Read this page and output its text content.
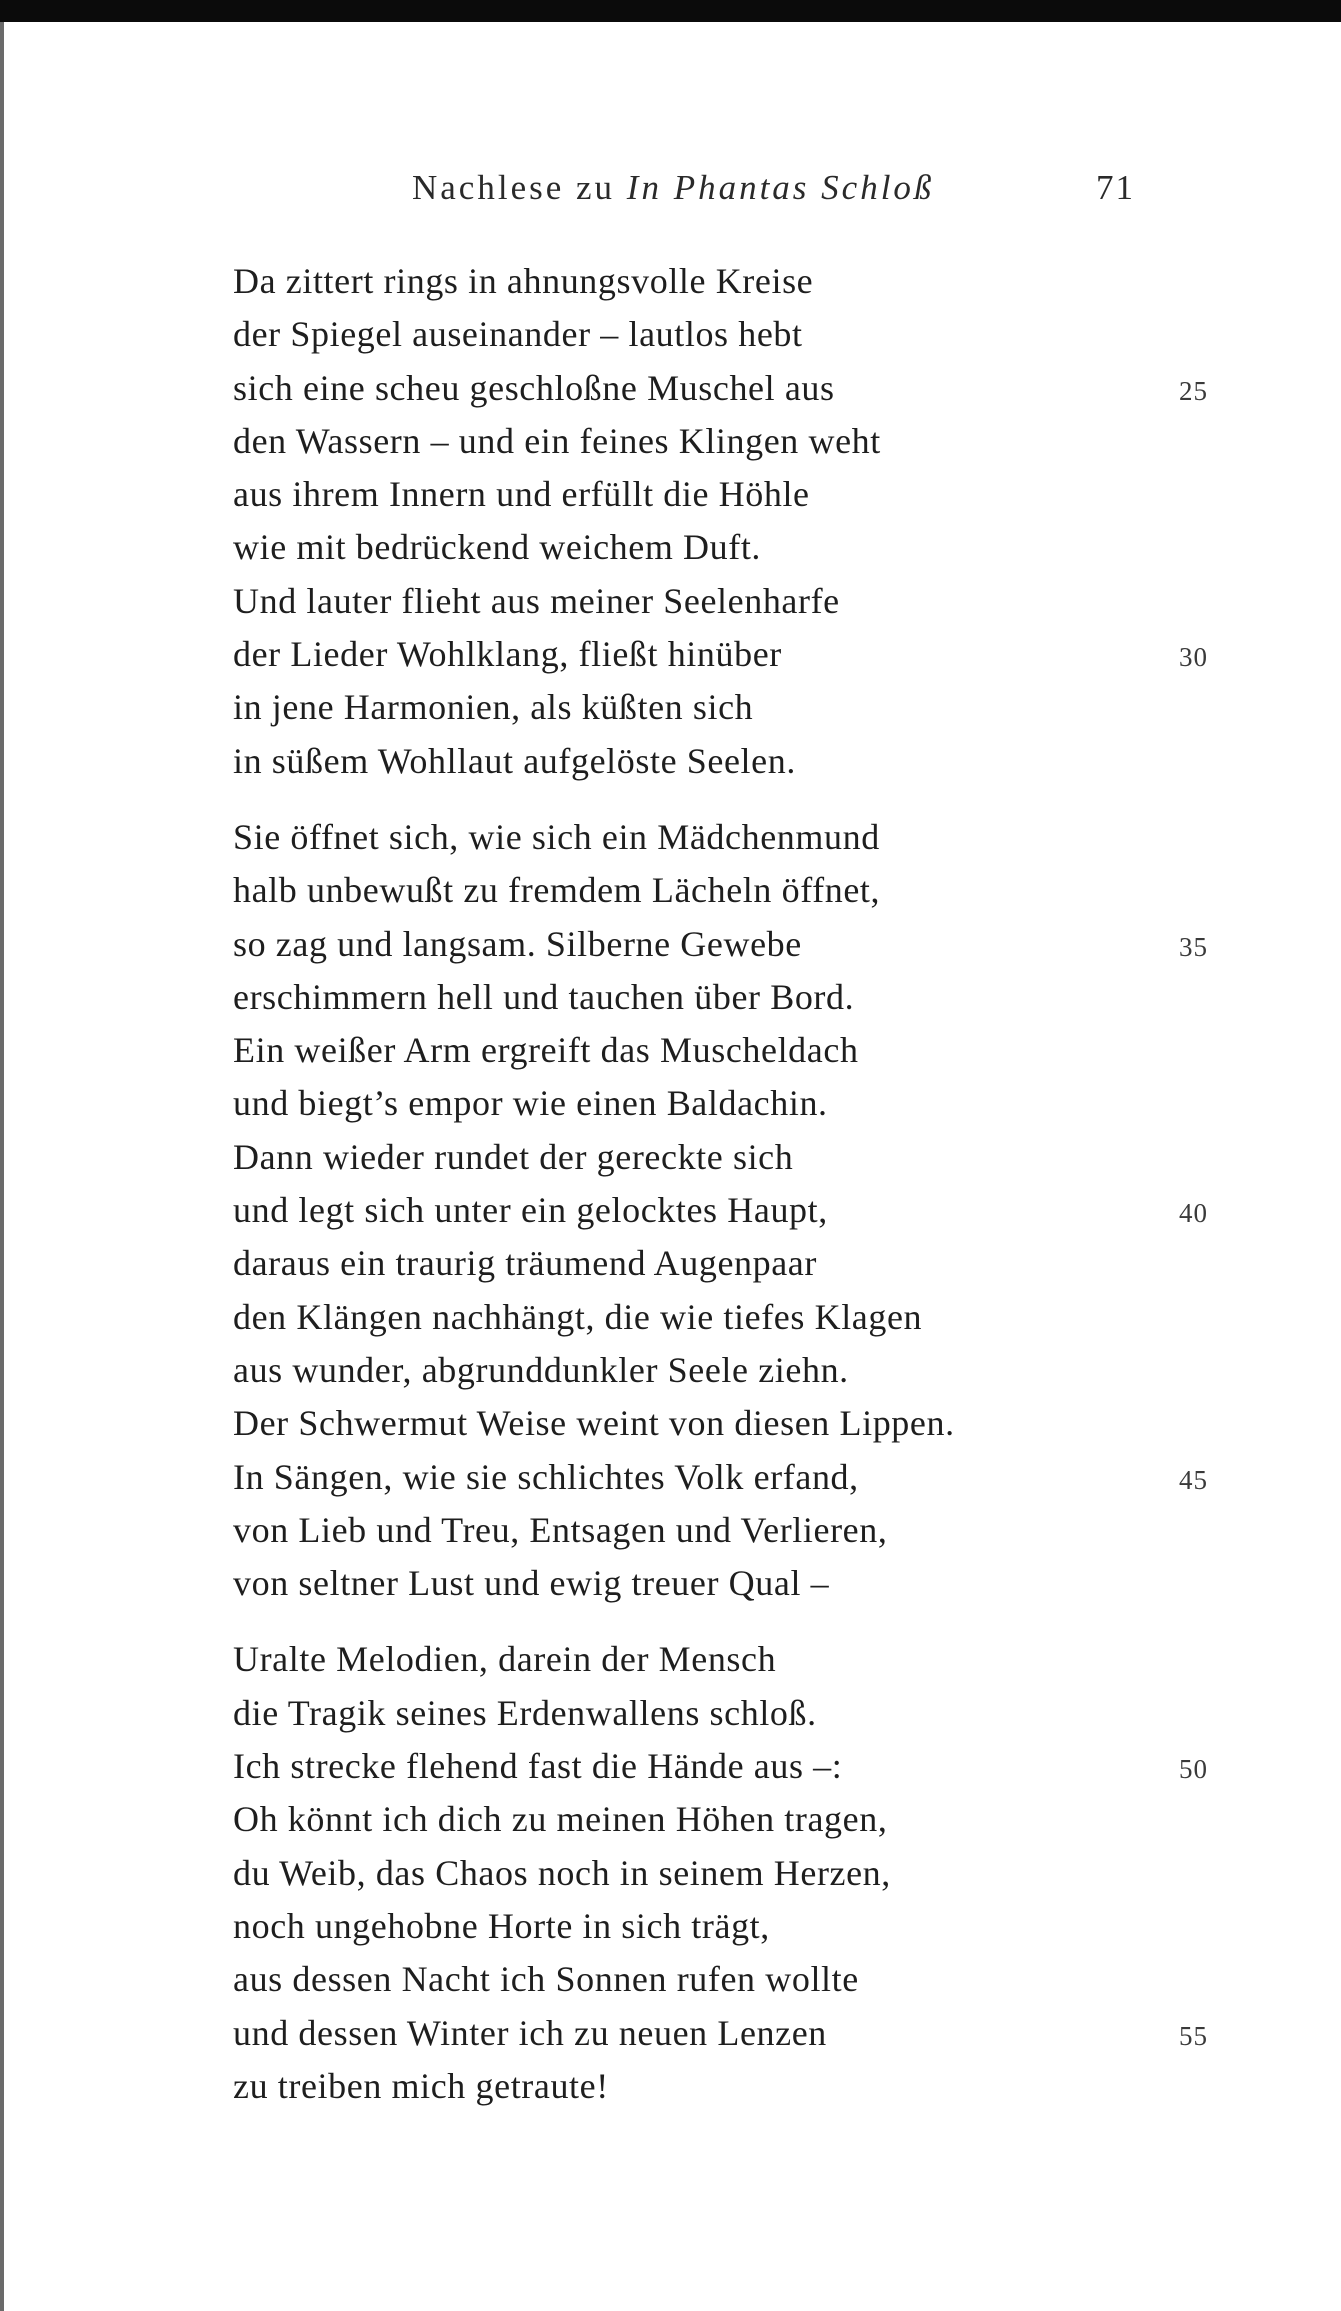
Nachlese zu In Phantas Schloß	71
Da zittert rings in ahnungsvolle Kreise
der Spiegel auseinander – lautlos hebt
sich eine scheu geschloßne Muschel aus	25
den Wassern – und ein feines Klingen weht
aus ihrem Innern und erfüllt die Höhle
wie mit bedrückend weichem Duft.
Und lauter flieht aus meiner Seelenharfe
der Lieder Wohlklang, fließt hinüber	30
in jene Harmonien, als küßten sich
in süßem Wohllaut aufgelöste Seelen.
Sie öffnet sich, wie sich ein Mädchenmund
halb unbewußt zu fremdem Lächeln öffnet,
so zag und langsam. Silberne Gewebe	35
erschimmern hell und tauchen über Bord.
Ein weißer Arm ergreift das Muscheldach
und biegt’s empor wie einen Baldachin.
Dann wieder rundet der gereckte sich
und legt sich unter ein gelocktes Haupt,	40
daraus ein traurig träumend Augenpaar
den Klängen nachhängt, die wie tiefes Klagen
aus wunder, abgrunddunkler Seele ziehn.
Der Schwermut Weise weint von diesen Lippen.
In Sängen, wie sie schlichtes Volk erfand,	45
von Lieb und Treu, Entsagen und Verlieren,
von seltner Lust und ewig treuer Qual –
Uralte Melodien, darein der Mensch
die Tragik seines Erdenwallens schloß.
Ich strecke flehend fast die Hände aus –:	50
Oh könnt ich dich zu meinen Höhen tragen,
du Weib, das Chaos noch in seinem Herzen,
noch ungehobne Horte in sich trägt,
aus dessen Nacht ich Sonnen rufen wollte
und dessen Winter ich zu neuen Lenzen	55
zu treiben mich getraute!
